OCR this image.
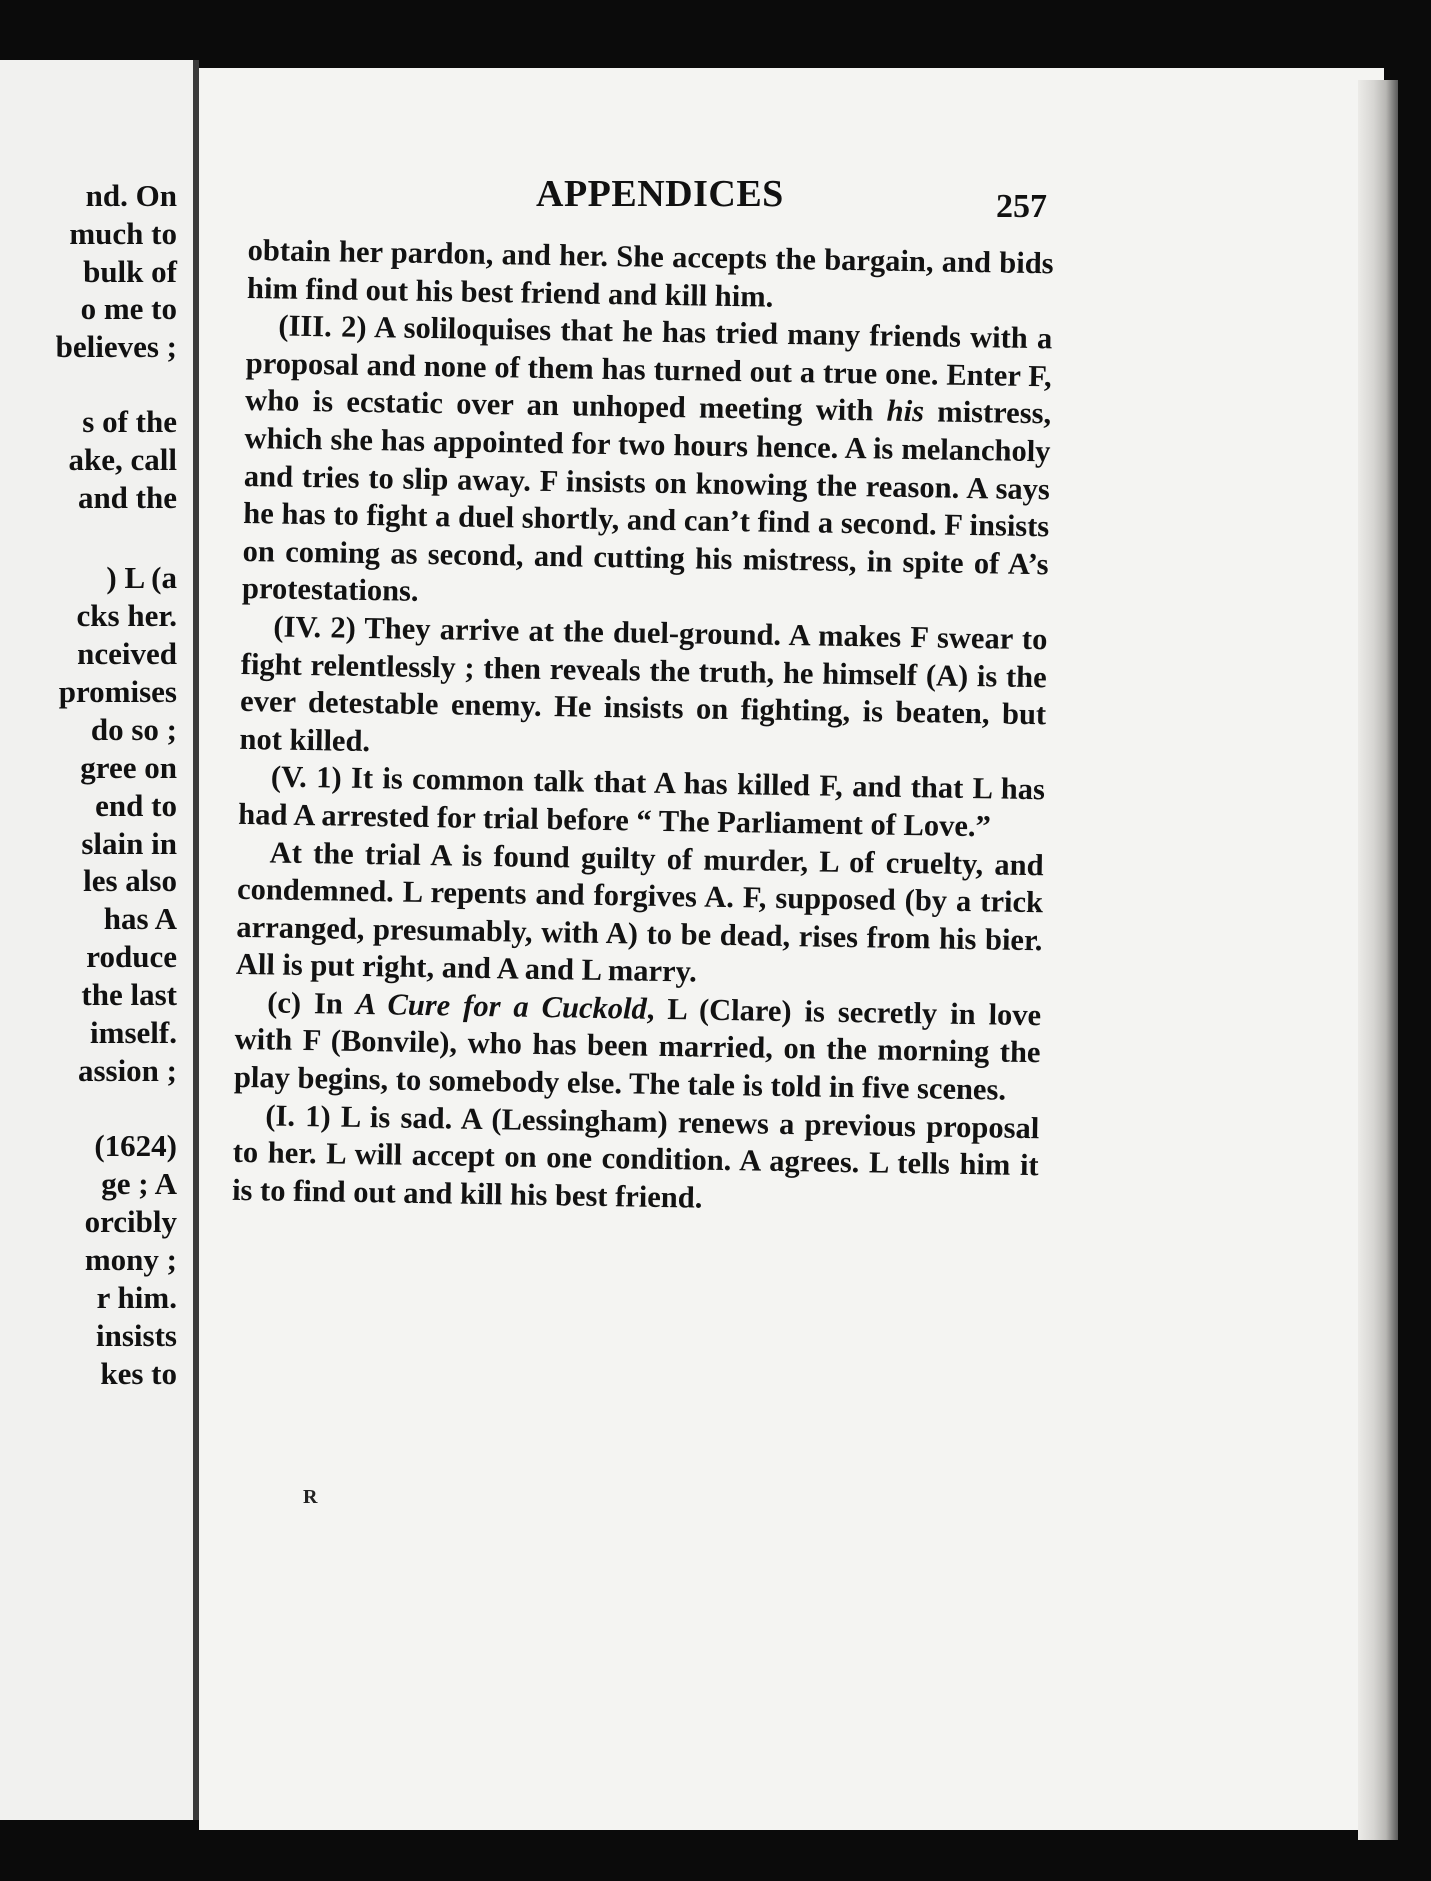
nd. On
much to
bulk of
o me to
believes ;
s of the
ake, call
and the
) L (a
cks her.
nceived
promises
do so ;
gree on
end to
slain in
les also
has A
roduce
the last
imself.
assion ;
(1624)
ge ; A
orcibly
mony ;
r him.
insists
kes to
APPENDICES	257

obtain her pardon, and her. She accepts the bargain, and bids him find out his best friend and kill him.

(III. 2) A soliloquises that he has tried many friends with a proposal and none of them has turned out a true one. Enter F, who is ecstatic over an unhoped meeting with his mistress, which she has appointed for two hours hence. A is melancholy and tries to slip away. F insists on knowing the reason. A says he has to fight a duel shortly, and can’t find a second. F insists on coming as second, and cutting his mistress, in spite of A’s protestations.

(IV. 2) They arrive at the duel-ground. A makes F swear to fight relentlessly ; then reveals the truth, he himself (A) is the ever detestable enemy. He insists on fighting, is beaten, but not killed.

(V. 1) It is common talk that A has killed F, and that L has had A arrested for trial before “ The Parliament of Love.”

At the trial A is found guilty of murder, L of cruelty, and condemned. L repents and forgives A. F, supposed (by a trick arranged, presumably, with A) to be dead, rises from his bier. All is put right, and A and L marry.

(c) In A Cure for a Cuckold, L (Clare) is secretly in love with F (Bonvile), who has been married, on the morning the play begins, to somebody else. The tale is told in five scenes.

(I. 1) L is sad. A (Lessingham) renews a previous proposal to her. L will accept on one condition. A agrees. L tells him it is to find out and kill his best friend.

R
